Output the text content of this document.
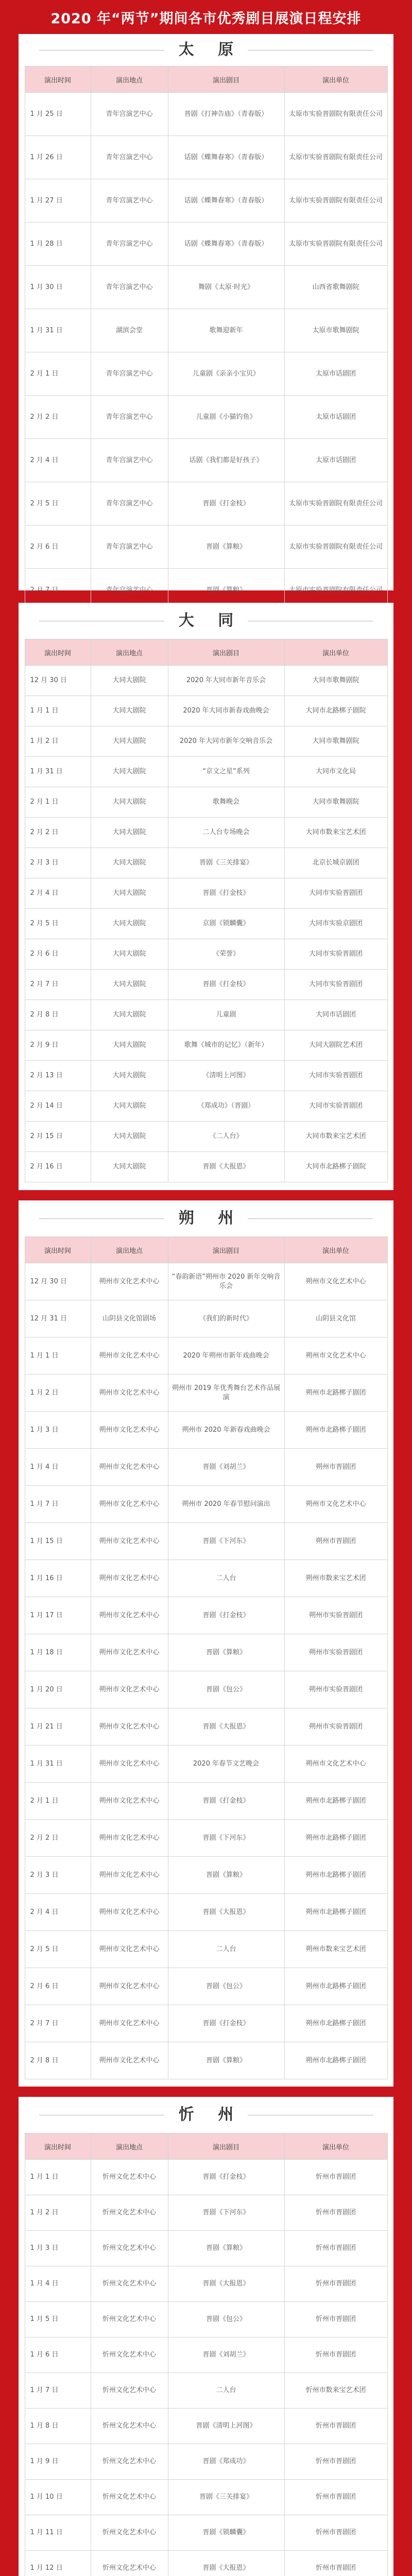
2020 年“两节”期间各市优秀剧目展演日程安排
太 原
演出时间	演出地点	演出剧目	演出单位
1 月 25 日	青年宫演艺中心	晋剧《打神告庙》（青春版）	太原市实验晋剧院有限责任公司
1 月 26 日	青年宫演艺中心	话剧《蝶舞春寒》（青春版）	太原市实验晋剧院有限责任公司
1 月 27 日	青年宫演艺中心	话剧《蝶舞春寒》（青春版）	太原市实验晋剧院有限责任公司
1 月 28 日	青年宫演艺中心	话剧《蝶舞春寒》（青春版）	太原市实验晋剧院有限责任公司
1 月 30 日	青年宫演艺中心	舞剧《太原·时光》	山西省歌舞剧院
1 月 31 日	湖滨会堂	歌舞迎新年	太原市歌舞剧院
2 月 1 日	青年宫演艺中心	儿童剧《亲亲小宝贝》	太原市话剧团
2 月 2 日	青年宫演艺中心	儿童剧《小猫钓鱼》	太原市话剧团
2 月 4 日	青年宫演艺中心	话剧《我们都是好孩子》	太原市话剧团
2 月 5 日	青年宫演艺中心	晋剧《打金枝》	太原市实验晋剧院有限责任公司
2 月 6 日	青年宫演艺中心	晋剧《算粮》	太原市实验晋剧院有限责任公司
2 月 7 日	青年宫演艺中心	晋剧《算粮》	太原市实验晋剧院有限责任公司
大 同
演出时间	演出地点	演出剧目	演出单位
12 月 30 日	大同大剧院	2020 年大同市新年音乐会	大同市歌舞剧院
1 月 1 日	大同大剧院	2020 年大同市新春戏曲晚会	大同市北路梆子剧院
1 月 2 日	大同大剧院	2020 年大同市新年交响音乐会	大同市歌舞剧院
1 月 31 日	大同大剧院	“京文之星”系列	大同市文化局
2 月 1 日	大同大剧院	歌舞晚会	大同市歌舞剧院
2 月 2 日	大同大剧院	二人台专场晚会	大同市数来宝艺术团
2 月 3 日	大同大剧院	晋剧《三关排宴》	北京长城京剧团
2 月 4 日	大同大剧院	晋剧《打金枝》	大同市实验晋剧团
2 月 5 日	大同大剧院	京剧《锁麟囊》	大同市实验京剧团
2 月 6 日	大同大剧院	《荣誉》	大同市实验晋剧团
2 月 7 日	大同大剧院	晋剧《打金枝》	大同市实验晋剧团
2 月 8 日	大同大剧院	儿童剧	大同市话剧团
2 月 9 日	大同大剧院	歌舞《城市的记忆》（新年）	大同大剧院艺术团
2 月 13 日	大同大剧院	《清明上河图》	大同市实验晋剧团
2 月 14 日	大同大剧院	《郑成功》（晋剧）	大同市实验晋剧团
2 月 15 日	大同大剧院	《二人台》	大同市数来宝艺术团
2 月 16 日	大同大剧院	晋剧《大报恩》	大同市北路梆子剧院
朔 州
演出时间	演出地点	演出剧目	演出单位
12 月 30 日	朔州市文化艺术中心	“春韵新语”朔州市 2020 新年交响音乐会	朔州市文化艺术中心
12 月 31 日	山阴县文化馆剧场	《我们的新时代》	山阴县文化馆
1 月 1 日	朔州市文化艺术中心	2020 年朔州市新年戏曲晚会	朔州市文化艺术中心
1 月 2 日	朔州市文化艺术中心	朔州市 2019 年优秀舞台艺术作品展演	朔州市北路梆子剧团
1 月 3 日	朔州市文化艺术中心	朔州市 2020 年新春戏曲晚会	朔州市北路梆子剧团
1 月 4 日	朔州市文化艺术中心	晋剧《刘胡兰》	朔州市晋剧团
1 月 7 日	朔州市文化艺术中心	朔州市 2020 年春节慰问演出	朔州市文化艺术中心
1 月 15 日	朔州市文化艺术中心	晋剧《下河东》	朔州市晋剧团
1 月 16 日	朔州市文化艺术中心	二人台	朔州市数来宝艺术团
1 月 17 日	朔州市文化艺术中心	晋剧《打金枝》	朔州市实验晋剧团
1 月 18 日	朔州市文化艺术中心	晋剧《算粮》	朔州市实验晋剧团
1 月 20 日	朔州市文化艺术中心	晋剧《包公》	朔州市实验晋剧团
1 月 21 日	朔州市文化艺术中心	晋剧《大报恩》	朔州市实验晋剧团
1 月 31 日	朔州市文化艺术中心	2020 年春节文艺晚会	朔州市文化艺术中心
2 月 1 日	朔州市文化艺术中心	晋剧《打金枝》	朔州市北路梆子剧团
2 月 2 日	朔州市文化艺术中心	晋剧《下河东》	朔州市北路梆子剧团
2 月 3 日	朔州市文化艺术中心	晋剧《算粮》	朔州市北路梆子剧团
2 月 4 日	朔州市文化艺术中心	晋剧《大报恩》	朔州市北路梆子剧团
2 月 5 日	朔州市文化艺术中心	二人台	朔州市数来宝艺术团
2 月 6 日	朔州市文化艺术中心	晋剧《包公》	朔州市北路梆子剧团
2 月 7 日	朔州市文化艺术中心	晋剧《打金枝》	朔州市北路梆子剧团
2 月 8 日	朔州市文化艺术中心	晋剧《算粮》	朔州市北路梆子剧团
忻 州
演出时间	演出地点	演出剧目	演出单位
1 月 1 日	忻州文化艺术中心	晋剧《打金枝》	忻州市晋剧团
1 月 2 日	忻州文化艺术中心	晋剧《下河东》	忻州市晋剧团
1 月 3 日	忻州文化艺术中心	晋剧《算粮》	忻州市晋剧团
1 月 4 日	忻州文化艺术中心	晋剧《大报恩》	忻州市晋剧团
1 月 5 日	忻州文化艺术中心	晋剧《包公》	忻州市晋剧团
1 月 6 日	忻州文化艺术中心	晋剧《刘胡兰》	忻州市晋剧团
1 月 7 日	忻州文化艺术中心	二人台	忻州市数来宝艺术团
1 月 8 日	忻州文化艺术中心	晋剧《清明上河图》	忻州市晋剧团
1 月 9 日	忻州文化艺术中心	晋剧《郑成功》	忻州市晋剧团
1 月 10 日	忻州文化艺术中心	晋剧《三关排宴》	忻州市晋剧团
1 月 11 日	忻州文化艺术中心	晋剧《锁麟囊》	忻州市晋剧团
1 月 12 日	忻州文化艺术中心	晋剧《大报恩》	忻州市晋剧团
